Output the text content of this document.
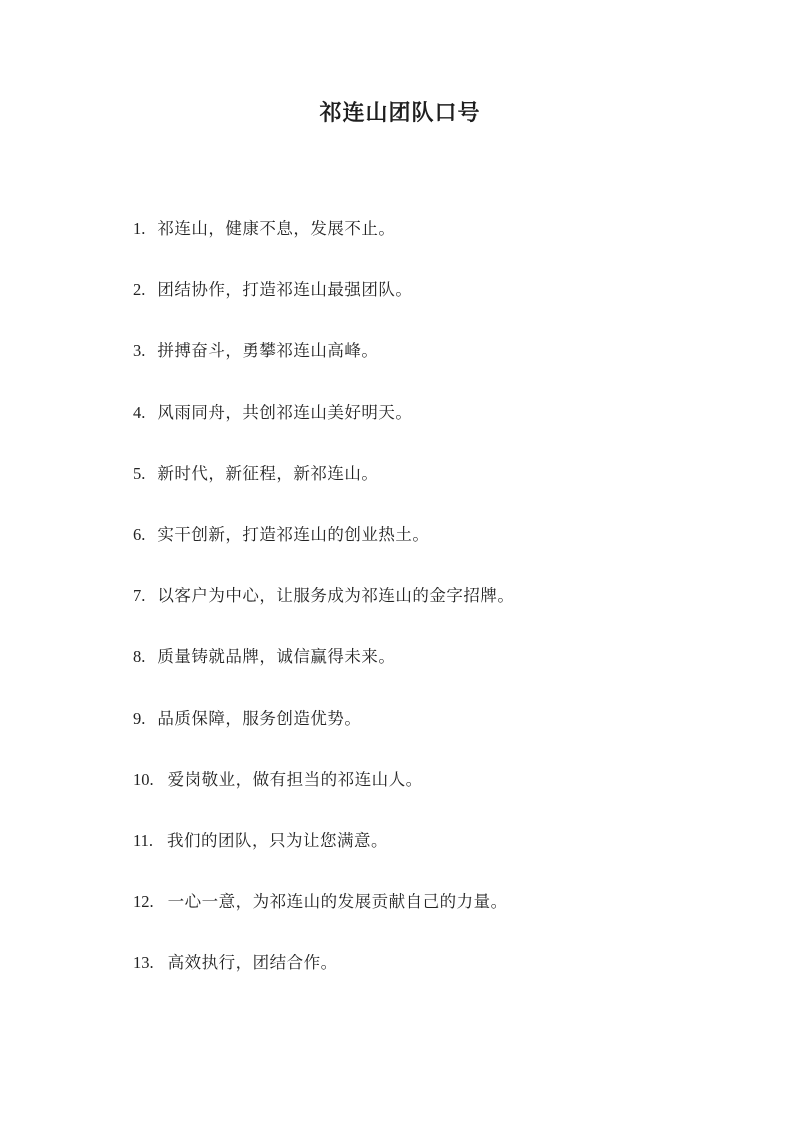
祁连山团队口号
1. 祁连山，健康不息，发展不止。
2. 团结协作，打造祁连山最强团队。
3. 拼搏奋斗，勇攀祁连山高峰。
4. 风雨同舟，共创祁连山美好明天。
5. 新时代，新征程，新祁连山。
6. 实干创新，打造祁连山的创业热土。
7. 以客户为中心，让服务成为祁连山的金字招牌。
8. 质量铸就品牌，诚信赢得未来。
9. 品质保障，服务创造优势。
10. 爱岗敬业，做有担当的祁连山人。
11. 我们的团队，只为让您满意。
12. 一心一意，为祁连山的发展贡献自己的力量。
13. 高效执行，团结合作。
